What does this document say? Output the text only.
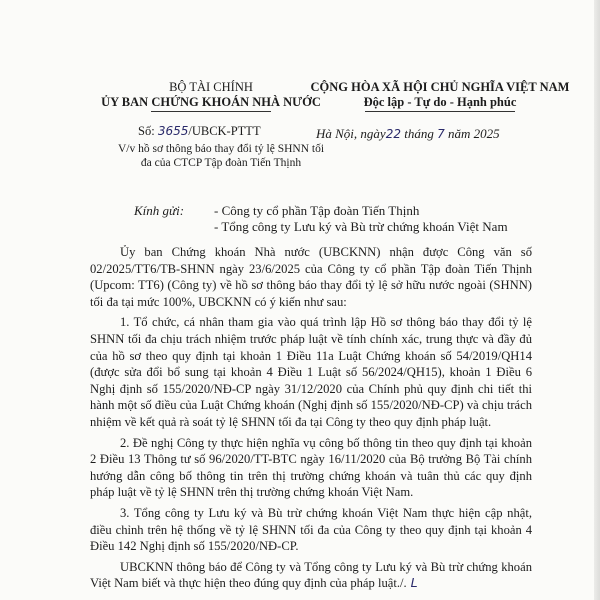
BỘ TÀI CHÍNH
ỦY BAN CHỨNG KHOÁN NHÀ NƯỚC
CỘNG HÒA XÃ HỘI CHỦ NGHĨA VIỆT NAM
Độc lập - Tự do - Hạnh phúc
Số: 3655/UBCK-PTTT	Hà Nội, ngày22 tháng 7 năm 2025
V/v hồ sơ thông báo thay đổi tỷ lệ SHNN tối
đa của CTCP Tập đoàn Tiến Thịnh
Kính gửi: - Công ty cổ phần Tập đoàn Tiến Thịnh
- Tổng công ty Lưu ký và Bù trừ chứng khoán Việt Nam

Ủy ban Chứng khoán Nhà nước (UBCKNN) nhận được Công văn số 02/2025/TT6/TB-SHNN ngày 23/6/2025 của Công ty cổ phần Tập đoàn Tiến Thịnh (Upcom: TT6) (Công ty) về hồ sơ thông báo thay đổi tỷ lệ sở hữu nước ngoài (SHNN) tối đa tại mức 100%, UBCKNN có ý kiến như sau:

1. Tổ chức, cá nhân tham gia vào quá trình lập Hồ sơ thông báo thay đổi tỷ lệ SHNN tối đa chịu trách nhiệm trước pháp luật về tính chính xác, trung thực và đầy đủ của hồ sơ theo quy định tại khoản 1 Điều 11a Luật Chứng khoán số 54/2019/QH14 (được sửa đổi bổ sung tại khoản 4 Điều 1 Luật số 56/2024/QH15), khoản 1 Điều 6 Nghị định số 155/2020/NĐ-CP ngày 31/12/2020 của Chính phủ quy định chi tiết thi hành một số điều của Luật Chứng khoán (Nghị định số 155/2020/NĐ-CP) và chịu trách nhiệm về kết quả rà soát tỷ lệ SHNN tối đa tại Công ty theo quy định pháp luật.

2. Đề nghị Công ty thực hiện nghĩa vụ công bố thông tin theo quy định tại khoản 2 Điều 13 Thông tư số 96/2020/TT-BTC ngày 16/11/2020 của Bộ trưởng Bộ Tài chính hướng dẫn công bố thông tin trên thị trường chứng khoán và tuân thủ các quy định pháp luật về tỷ lệ SHNN trên thị trường chứng khoán Việt Nam.

3. Tổng công ty Lưu ký và Bù trừ chứng khoán Việt Nam thực hiện cập nhật, điều chỉnh trên hệ thống về tỷ lệ SHNN tối đa của Công ty theo quy định tại khoản 4 Điều 142 Nghị định số 155/2020/NĐ-CP.

UBCKNN thông báo để Công ty và Tổng công ty Lưu ký và Bù trừ chứng khoán Việt Nam biết và thực hiện theo đúng quy định của pháp luật./. L
